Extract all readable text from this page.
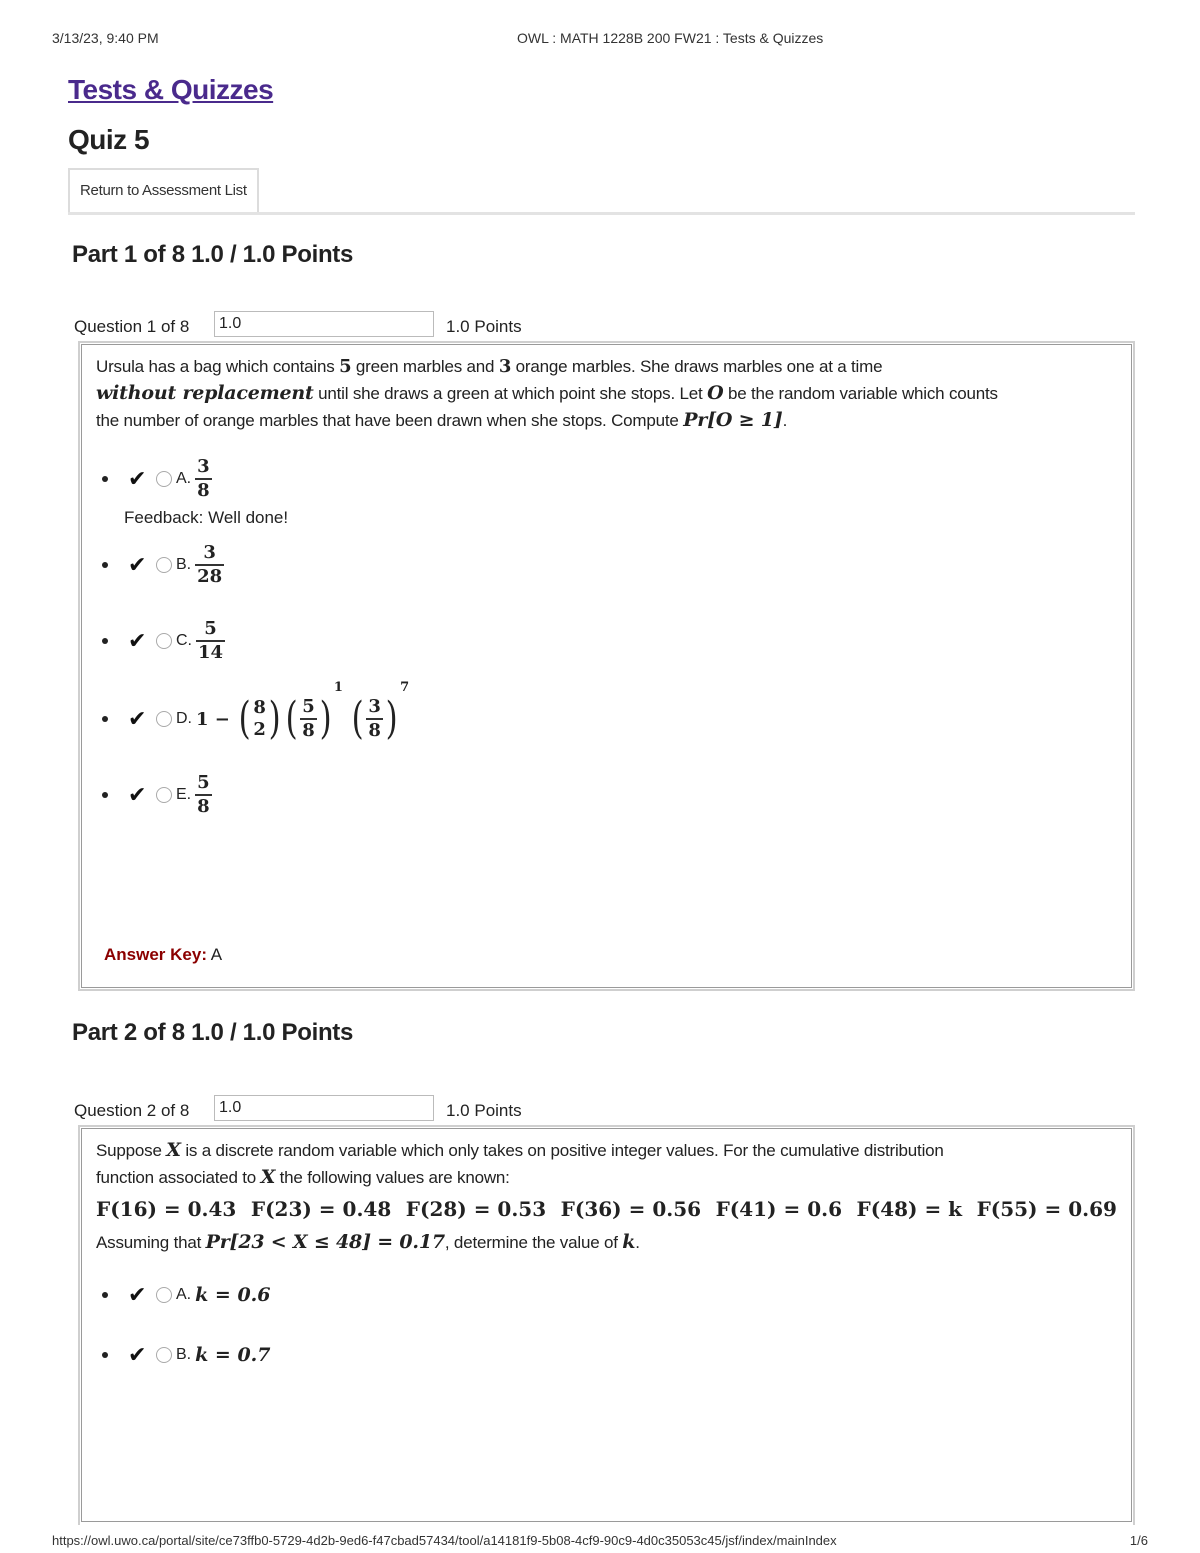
3/13/23, 9:40 PM	OWL : MATH 1228B 200 FW21 : Tests & Quizzes
Tests & Quizzes
Quiz 5
Return to Assessment List
Part 1 of 8 1.0 / 1.0 Points
Question 1 of 8
1.0	1.0 Points
Ursula has a bag which contains 5 green marbles and 3 orange marbles. She draws marbles one at a time
without replacement until she draws a green at which point she stops. Let O be the random variable which counts
the number of orange marbles that have been drawn when she stops. Compute Pr[O ≥ 1].
✔	A. $\frac{3}{8}$
Feedback: Well done!
✔	B. $\frac{3}{28}$
✔	C. $\frac{5}{14}$
✔	D. 1 −
( 8
2 ) ( $\frac{5}{8}$ )
1

( $\frac{3}{8}$ )
7
✔	E. $\frac{5}{8}$
Answer Key: A
Part 2 of 8 1.0 / 1.0 Points
Question 2 of 8
1.0	1.0 Points
Suppose X is a discrete random variable which only takes on positive integer values. For the cumulative distribution
function associated to X the following values are known:
F(16) = 0.43 F(23) = 0.48 F(28) = 0.53 F(36) = 0.56 F(41) = 0.6 F(48) = k F(55) = 0.69
Assuming that Pr[23 < X ≤ 48] = 0.17, determine the value of k.
✔	A. k = 0.6
✔	B. k = 0.7
https://owl.uwo.ca/portal/site/ce73ffb0-5729-4d2b-9ed6-f47cbad57434/tool/a14181f9-5b08-4cf9-90c9-4d0c35053c45/jsf/index/mainIndex	1/6
